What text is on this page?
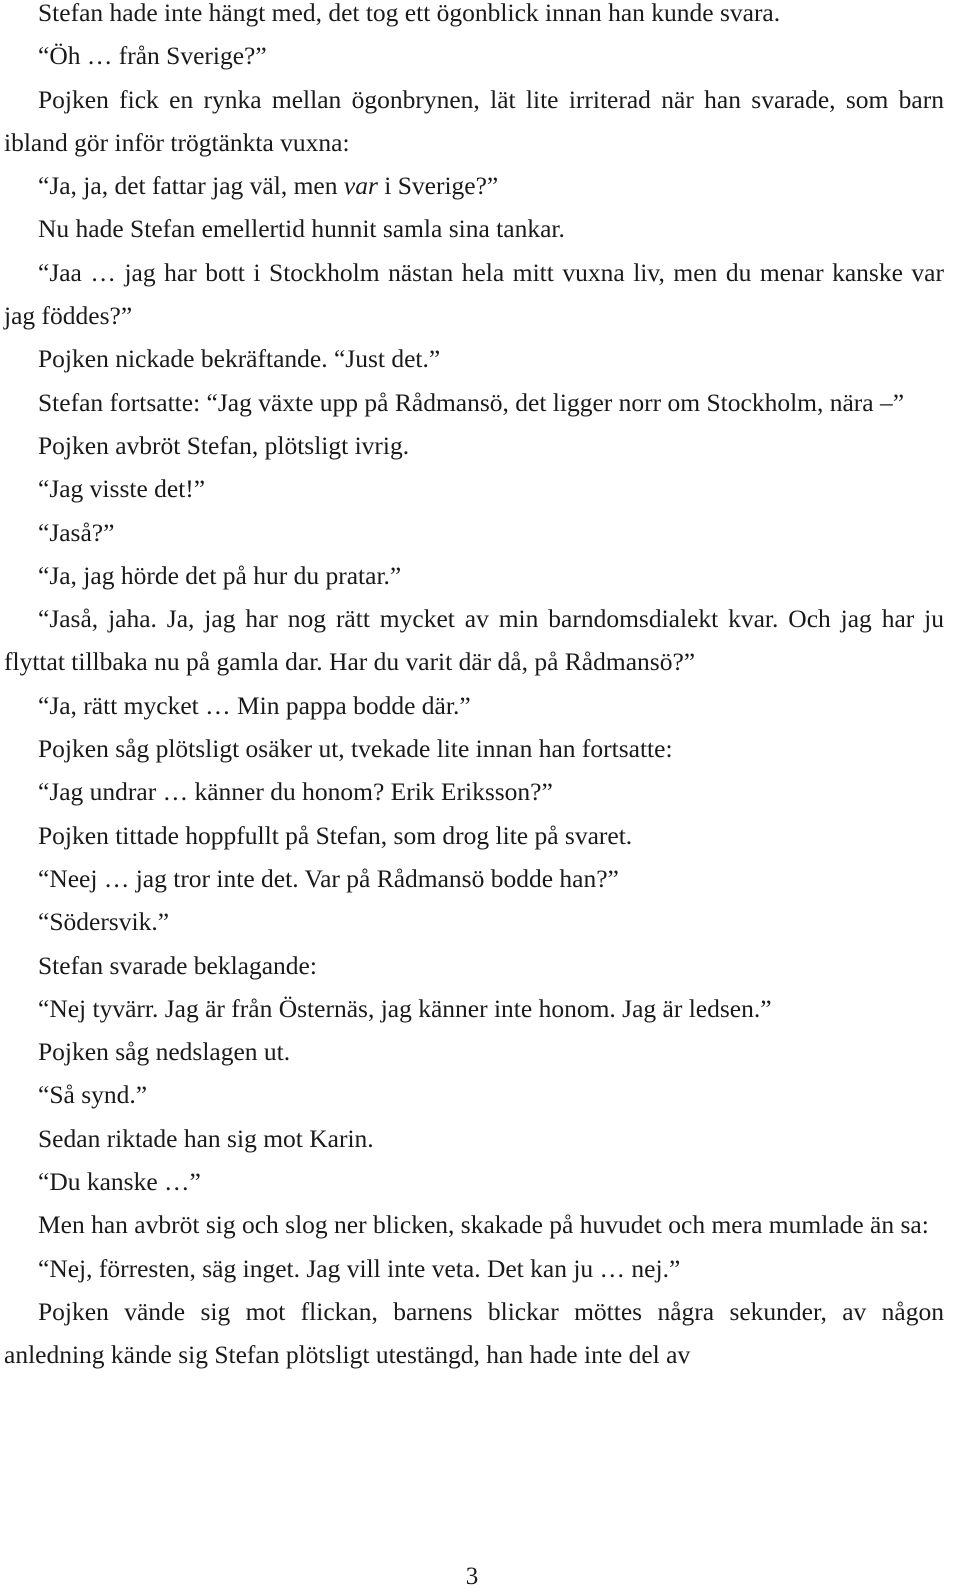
Stefan hade inte hängt med, det tog ett ögonblick innan han kunde svara.

“Öh … från Sverige?”

Pojken fick en rynka mellan ögonbrynen, lät lite irriterad när han svarade, som barn ibland gör inför trögtänkta vuxna:

“Ja, ja, det fattar jag väl, men var i Sverige?”

Nu hade Stefan emellertid hunnit samla sina tankar.

“Jaa … jag har bott i Stockholm nästan hela mitt vuxna liv, men du menar kanske var jag föddes?”

Pojken nickade bekräftande. “Just det.”

Stefan fortsatte: “Jag växte upp på Rådmansö, det ligger norr om Stockholm, nära –”

Pojken avbröt Stefan, plötsligt ivrig.

“Jag visste det!”

“Jaså?”

“Ja, jag hörde det på hur du pratar.”

“Jaså, jaha. Ja, jag har nog rätt mycket av min barndomsdialekt kvar. Och jag har ju flyttat tillbaka nu på gamla dar. Har du varit där då, på Rådmansö?”

“Ja, rätt mycket … Min pappa bodde där.”

Pojken såg plötsligt osäker ut, tvekade lite innan han fortsatte:

“Jag undrar … känner du honom? Erik Eriksson?”

Pojken tittade hoppfullt på Stefan, som drog lite på svaret.

“Neej … jag tror inte det. Var på Rådmansö bodde han?”

“Södersvik.”

Stefan svarade beklagande:

“Nej tyvärr. Jag är från Östernäs, jag känner inte honom. Jag är ledsen.”

Pojken såg nedslagen ut.

“Så synd.”

Sedan riktade han sig mot Karin.

“Du kanske …”

Men han avbröt sig och slog ner blicken, skakade på huvudet och mera mumlade än sa:

“Nej, förresten, säg inget. Jag vill inte veta. Det kan ju … nej.”

Pojken vände sig mot flickan, barnens blickar möttes några sekunder, av någon anledning kände sig Stefan plötsligt utestängd, han hade inte del av

3
